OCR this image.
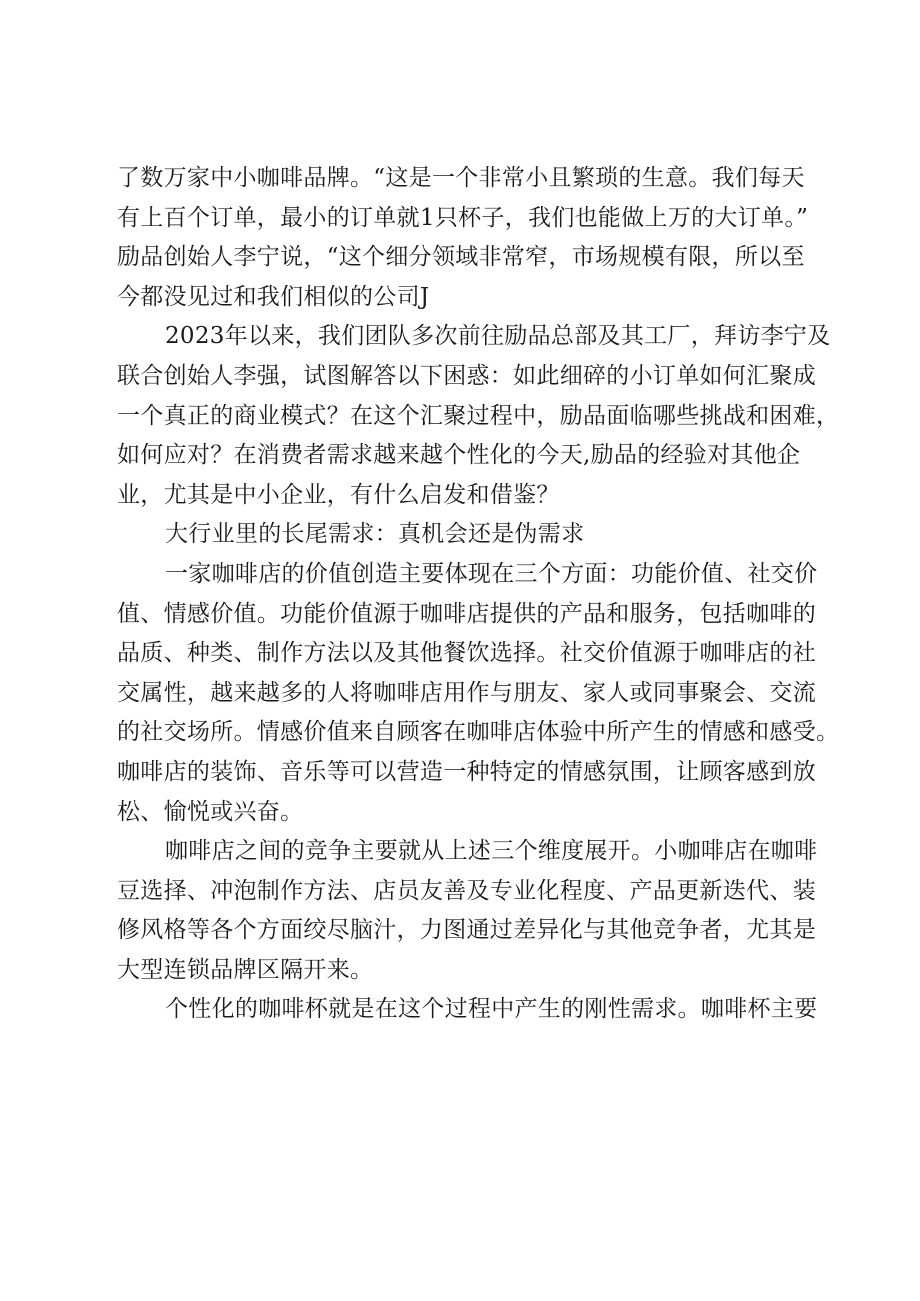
了数万家中小咖啡品牌。“这是一个非常小且繁琐的生意。我们每天
有上百个订单，最小的订单就1只杯子，我们也能做上万的大订单。”
励品创始人李宁说，“这个细分领域非常窄，市场规模有限，所以至
今都没见过和我们相似的公司J
2023年以来，我们团队多次前往励品总部及其工厂，拜访李宁及
联合创始人李强，试图解答以下困惑：如此细碎的小订单如何汇聚成
一个真正的商业模式？在这个汇聚过程中，励品面临哪些挑战和困难，
如何应对？在消费者需求越来越个性化的今天,励品的经验对其他企
业，尤其是中小企业，有什么启发和借鉴？
大行业里的长尾需求：真机会还是伪需求
一家咖啡店的价值创造主要体现在三个方面：功能价值、社交价
值、情感价值。功能价值源于咖啡店提供的产品和服务，包括咖啡的
品质、种类、制作方法以及其他餐饮选择。社交价值源于咖啡店的社
交属性，越来越多的人将咖啡店用作与朋友、家人或同事聚会、交流
的社交场所。情感价值来自顾客在咖啡店体验中所产生的情感和感受。
咖啡店的装饰、音乐等可以营造一种特定的情感氛围，让顾客感到放
松、愉悦或兴奋。
咖啡店之间的竞争主要就从上述三个维度展开。小咖啡店在咖啡
豆选择、冲泡制作方法、店员友善及专业化程度、产品更新迭代、装
修风格等各个方面绞尽脑汁，力图通过差异化与其他竞争者，尤其是
大型连锁品牌区隔开来。
个性化的咖啡杯就是在这个过程中产生的刚性需求。咖啡杯主要
